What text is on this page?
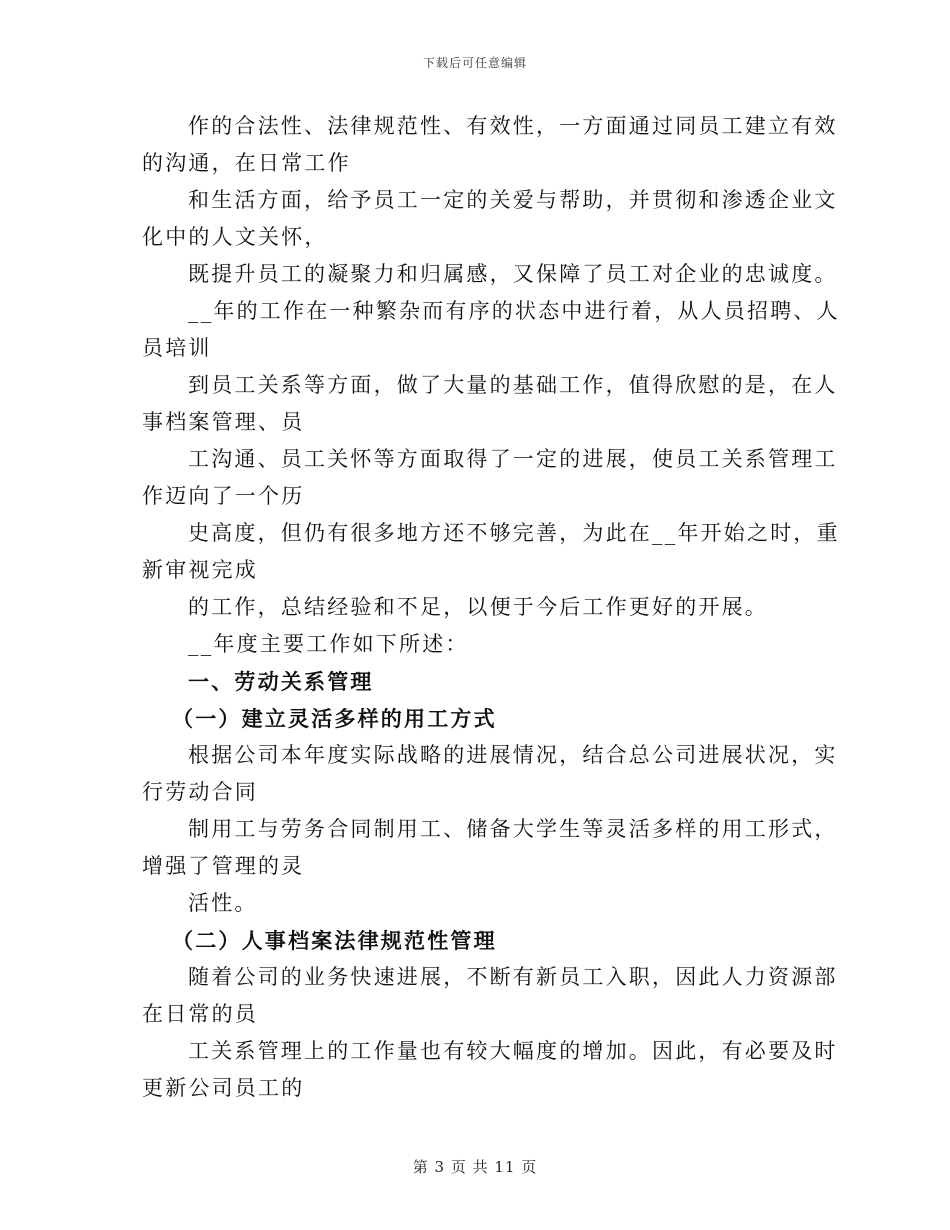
下载后可任意编辑
作的合法性、法律规范性、有效性，一方面通过同员工建立有效
的沟通，在日常工作
和生活方面，给予员工一定的关爱与帮助，并贯彻和渗透企业文
化中的人文关怀，
既提升员工的凝聚力和归属感，又保障了员工对企业的忠诚度。
__年的工作在一种繁杂而有序的状态中进行着，从人员招聘、人
员培训
到员工关系等方面，做了大量的基础工作，值得欣慰的是，在人
事档案管理、员
工沟通、员工关怀等方面取得了一定的进展，使员工关系管理工
作迈向了一个历
史高度，但仍有很多地方还不够完善，为此在__年开始之时，重
新审视完成
的工作，总结经验和不足，以便于今后工作更好的开展。
__年度主要工作如下所述：
一、劳动关系管理
（一）建立灵活多样的用工方式
根据公司本年度实际战略的进展情况，结合总公司进展状况，实
行劳动合同
制用工与劳务合同制用工、储备大学生等灵活多样的用工形式，
增强了管理的灵
活性。
（二）人事档案法律规范性管理
随着公司的业务快速进展，不断有新员工入职，因此人力资源部
在日常的员
工关系管理上的工作量也有较大幅度的增加。因此，有必要及时
更新公司员工的
第 3 页 共 11 页
